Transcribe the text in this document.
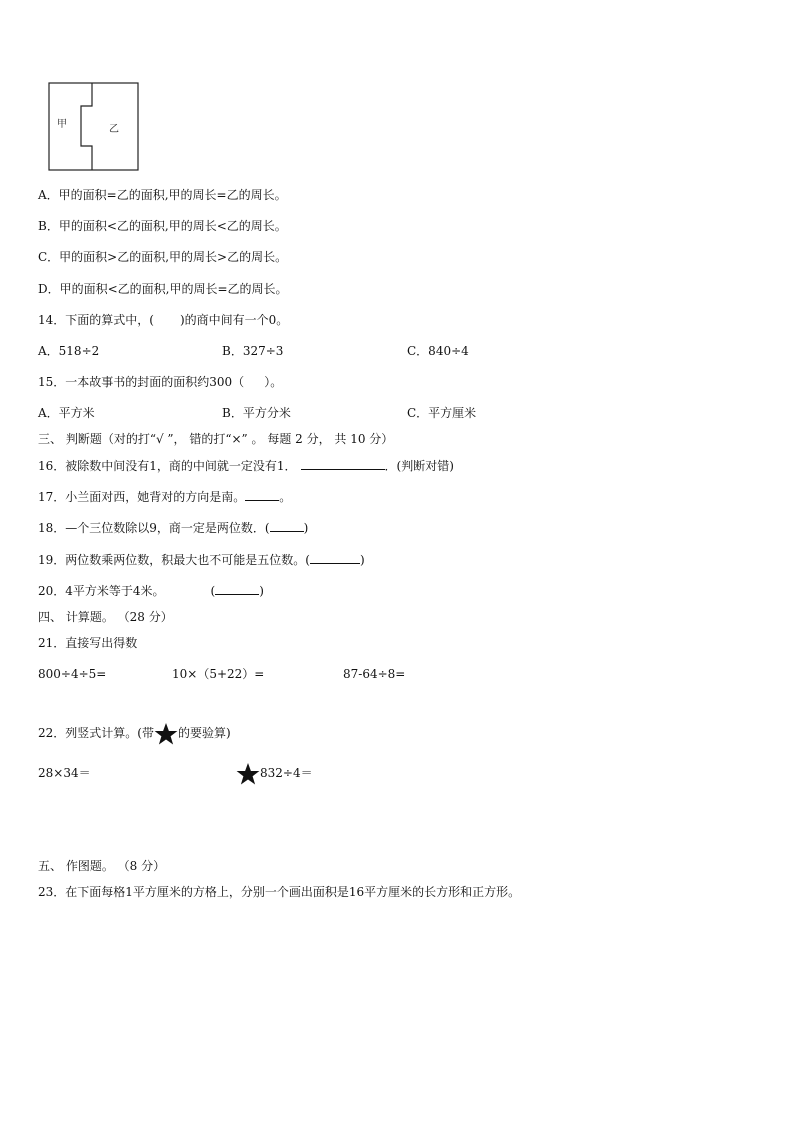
甲	乙
A．甲的面积=乙的面积,甲的周长=乙的周长。
B．甲的面积<乙的面积,甲的周长<乙的周长。
C．甲的面积>乙的面积,甲的周长>乙的周长。
D．甲的面积<乙的面积,甲的周长=乙的周长。
14．下面的算式中，( )的商中间有一个0。
A．518÷2	B．327÷3	C．840÷4
15．一本故事书的封面的面积约300（ ）。
A．平方米	B．平方分米	C．平方厘米
三、 判断题（对的打“√ ”， 错的打“×” 。 每题 2 分， 共 10 分）
16．被除数中间没有1，商的中间就一定没有1．	．(判断对错)
17．小兰面对西，她背对的方向是南。	。
18．—个三位数除以9，商一定是两位数．(	)
19．两位数乘两位数，积最大也不可能是五位数。(	)
20．4平方米等于4米。	(	)
四、 计算题。 （28 分）
21．直接写出得数
800÷4÷5=	10×（5+22）=	87-64÷8=
22．列竖式计算。(带 的要验算)
28×34＝	832÷4＝
五、 作图题。 （8 分）
23．在下面每格1平方厘米的方格上，分别一个画出面积是16平方厘米的长方形和正方形。
